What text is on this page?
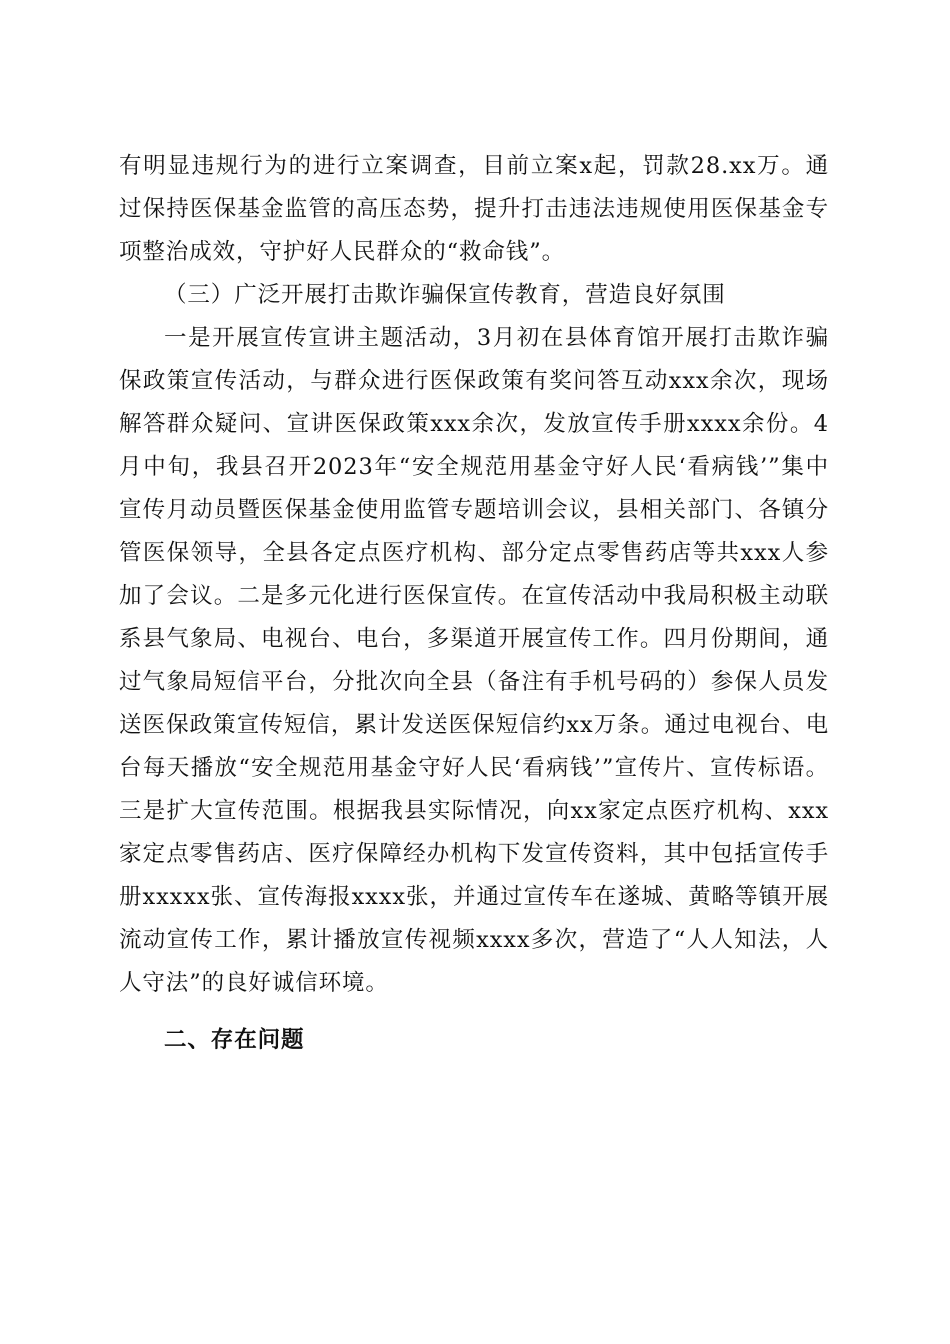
有明显违规行为的进行立案调查，目前立案x起，罚款28.xx万。通过保持医保基金监管的高压态势，提升打击违法违规使用医保基金专项整治成效，守护好人民群众的“救命钱”。

（三）广泛开展打击欺诈骗保宣传教育，营造良好氛围

一是开展宣传宣讲主题活动，3月初在县体育馆开展打击欺诈骗保政策宣传活动，与群众进行医保政策有奖问答互动xxx余次，现场解答群众疑问、宣讲医保政策xxx余次，发放宣传手册xxxx余份。4月中旬，我县召开2023年“安全规范用基金守好人民‘看病钱’”集中宣传月动员暨医保基金使用监管专题培训会议，县相关部门、各镇分管医保领导，全县各定点医疗机构、部分定点零售药店等共xxx人参加了会议。二是多元化进行医保宣传。在宣传活动中我局积极主动联系县气象局、电视台、电台，多渠道开展宣传工作。四月份期间，通过气象局短信平台，分批次向全县（备注有手机号码的）参保人员发送医保政策宣传短信，累计发送医保短信约xx万条。通过电视台、电台每天播放“安全规范用基金守好人民‘看病钱’”宣传片、宣传标语。三是扩大宣传范围。根据我县实际情况，向xx家定点医疗机构、xxx家定点零售药店、医疗保障经办机构下发宣传资料，其中包括宣传手册xxxxx张、宣传海报xxxx张，并通过宣传车在遂城、黄略等镇开展流动宣传工作，累计播放宣传视频xxxx多次，营造了“人人知法，人人守法”的良好诚信环境。

二、存在问题
